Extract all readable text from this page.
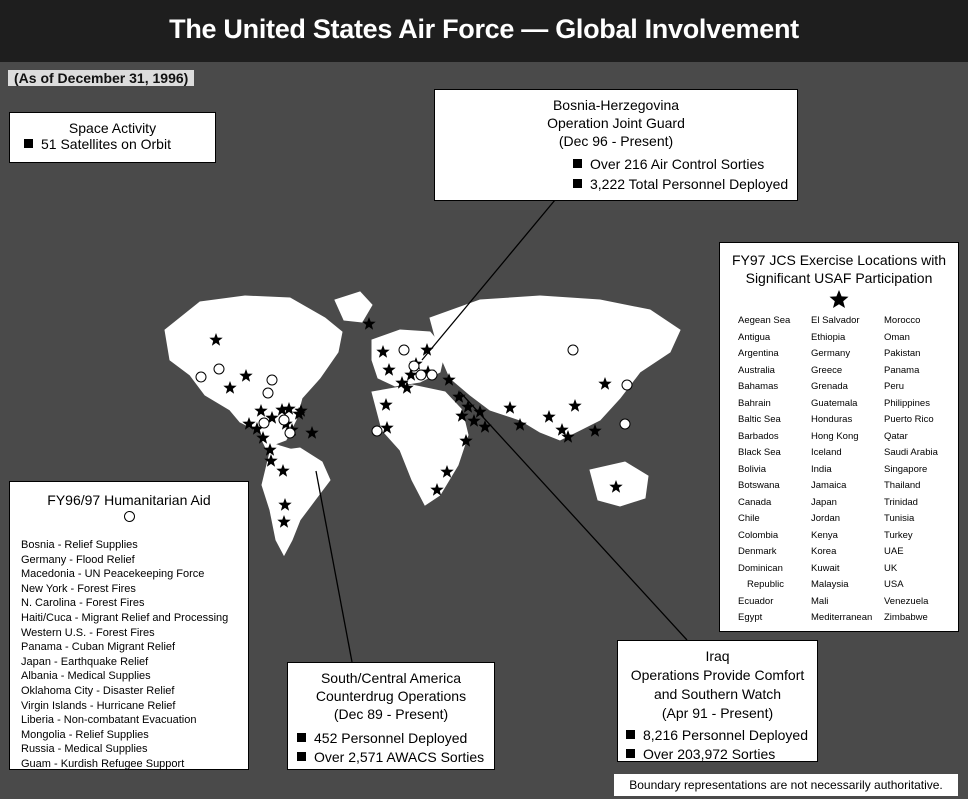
The United States Air Force — Global Involvement
(As of December 31, 1996)
Space Activity
51 Satellites on Orbit
Bosnia-Herzegovina
Operation Joint Guard
(Dec 96 - Present)
Over 216 Air Control Sorties
3,222 Total Personnel Deployed
FY97 JCS Exercise Locations with
Significant USAF Participation
Aegean Sea
Antigua
Argentina
Australia
Bahamas
Bahrain
Baltic Sea
Barbados
Black Sea
Bolivia
Botswana
Canada
Chile
Colombia
Denmark
Dominican
Republic
Ecuador
Egypt
El Salvador
Ethiopia
Germany
Greece
Grenada
Guatemala
Honduras
Hong Kong
Iceland
India
Jamaica
Japan
Jordan
Kenya
Korea
Kuwait
Malaysia
Mali
Mediterranean
Morocco
Oman
Pakistan
Panama
Peru
Philippines
Puerto Rico
Qatar
Saudi Arabia
Singapore
Thailand
Trinidad
Tunisia
Turkey
UAE
UK
USA
Venezuela
Zimbabwe
FY96/97 Humanitarian Aid
Bosnia - Relief Supplies
Germany - Flood Relief
Macedonia - UN Peacekeeping Force
New York - Forest Fires
N. Carolina - Forest Fires
Haiti/Cuca - Migrant Relief and Processing
Western U.S. - Forest Fires
Panama - Cuban Migrant Relief
Japan - Earthquake Relief
Albania - Medical Supplies
Oklahoma City - Disaster Relief
Virgin Islands - Hurricane Relief
Liberia - Non-combatant Evacuation
Mongolia - Relief Supplies
Russia - Medical Supplies
Guam - Kurdish Refugee Support
South/Central America
Counterdrug Operations
(Dec 89 - Present)
452 Personnel Deployed
Over 2,571 AWACS Sorties
Iraq
Operations Provide Comfort
and Southern Watch
(Apr 91 - Present)
8,216 Personnel Deployed
Over 203,972 Sorties
Boundary representations are not necessarily authoritative.
